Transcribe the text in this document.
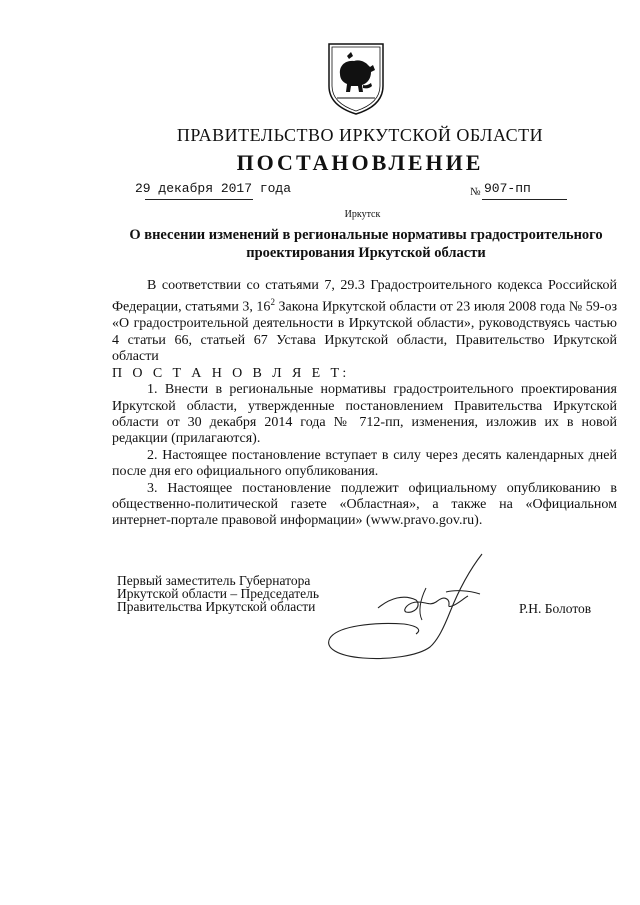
ПРАВИТЕЛЬСТВО ИРКУТСКОЙ ОБЛАСТИ
ПОСТАНОВЛЕНИЕ
29 декабря 2017 года	№ 907-пп
Иркутск
О внесении изменений в региональные нормативы градостроительного
проектирования Иркутской области

В соответствии со статьями 7, 29.3 Градостроительного кодекса Российской Федерации, статьями 3, $16^2$ Закона Иркутской области от 23 июля 2008 года № 59-оз «О градостроительной деятельности в Иркутской области», руководствуясь частью 4 статьи 66, статьей 67 Устава Иркутской области, Правительство Иркутской области

П О С Т А Н О В Л Я Е Т:

1. Внести в региональные нормативы градостроительного проектирования Иркутской области, утвержденные постановлением Правительства Иркутской области от 30 декабря 2014 года № 712-пп, изменения, изложив их в новой редакции (прилагаются).

2. Настоящее постановление вступает в силу через десять календарных дней после дня его официального опубликования.

3. Настоящее постановление подлежит официальному опубликованию в общественно-политической газете «Областная», а также на «Официальном интернет-портале правовой информации» (www.pravo.gov.ru).

Первый заместитель Губернатора
Иркутской области – Председатель
Правительства Иркутской области	Р.Н. Болотов
